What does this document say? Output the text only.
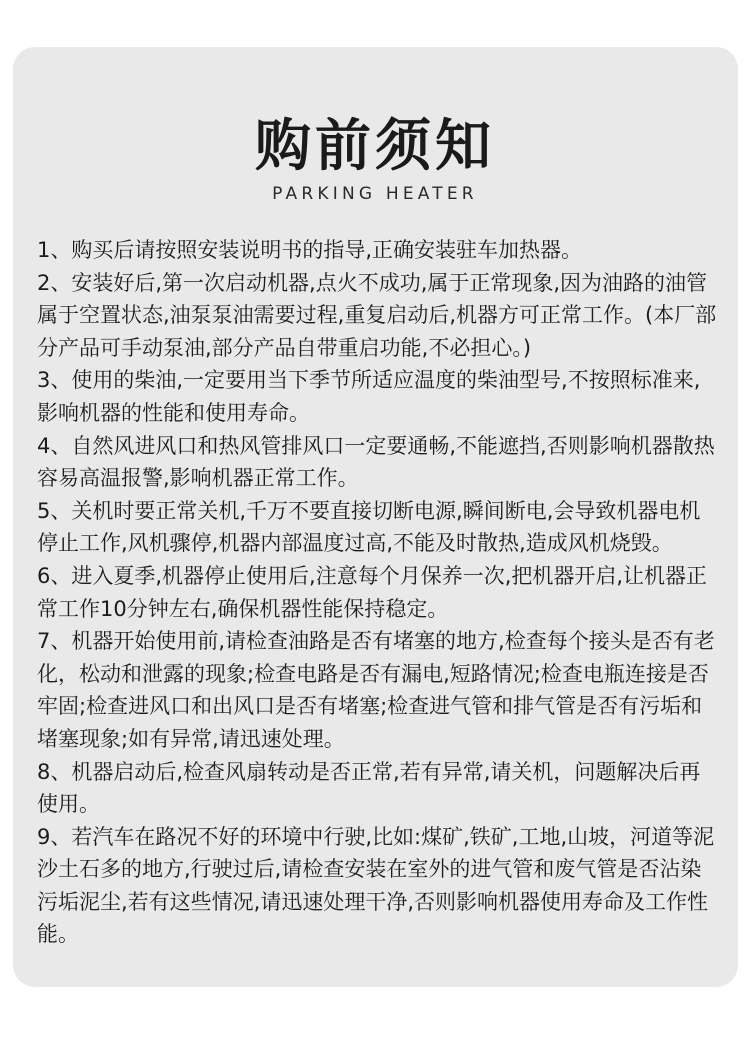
购前须知
PARKING HEATER

1、购买后请按照安装说明书的指导,正确安装驻车加热器。

2、安装好后,第一次启动机器,点火不成功,属于正常现象,因为油路的油管属于空置状态,油泵泵油需要过程,重复启动后,机器方可正常工作。(本厂部分产品可手动泵油,部分产品自带重启功能,不必担心。)

3、使用的柴油,一定要用当下季节所适应温度的柴油型号,不按照标准来,影响机器的性能和使用寿命。

4、自然风进风口和热风管排风口一定要通畅,不能遮挡,否则影响机器散热容易高温报警,影响机器正常工作。

5、关机时要正常关机,千万不要直接切断电源,瞬间断电,会导致机器电机停止工作,风机骤停,机器内部温度过高,不能及时散热,造成风机烧毁。

6、进入夏季,机器停止使用后,注意每个月保养一次,把机器开启,让机器正常工作10分钟左右,确保机器性能保持稳定。

7、机器开始使用前,请检查油路是否有堵塞的地方,检查每个接头是否有老化，松动和泄露的现象;检查电路是否有漏电,短路情况;检查电瓶连接是否牢固;检查进风口和出风口是否有堵塞;检查进气管和排气管是否有污垢和堵塞现象;如有异常,请迅速处理。

8、机器启动后,检查风扇转动是否正常,若有异常,请关机，问题解决后再使用。

9、若汽车在路况不好的环境中行驶,比如:煤矿,铁矿,工地,山坡，河道等泥沙土石多的地方,行驶过后,请检查安装在室外的进气管和废气管是否沾染污垢泥尘,若有这些情况,请迅速处理干净,否则影响机器使用寿命及工作性能。
